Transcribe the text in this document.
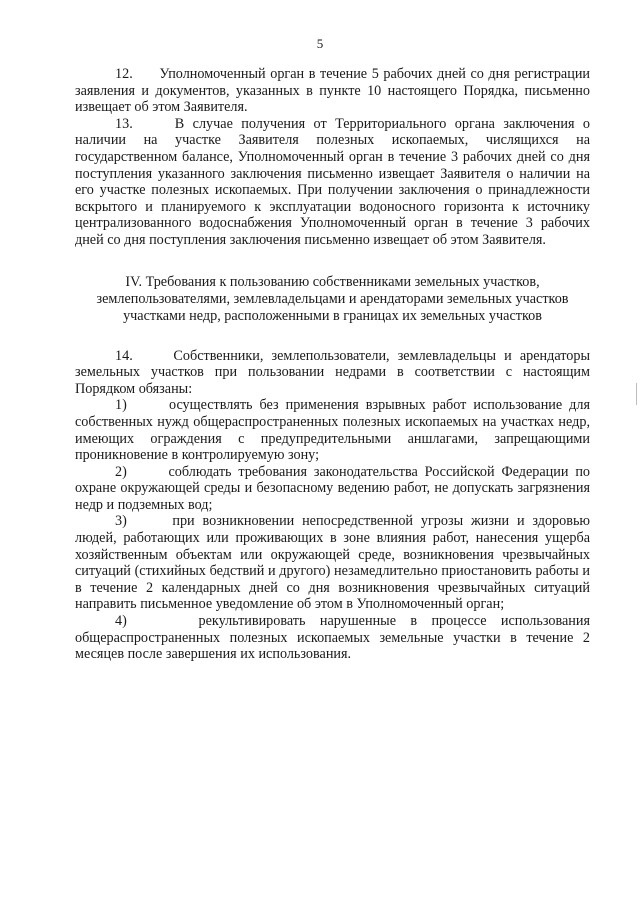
5

12. Уполномоченный орган в течение 5 рабочих дней со дня регистрации заявления и документов, указанных в пункте 10 настоящего Порядка, письменно извещает об этом Заявителя.

13.	В случае получения от Территориального органа заключения о наличии на участке Заявителя полезных ископаемых, числящихся на государственном балансе, Уполномоченный орган в течение 3 рабочих дней со дня поступления указанного заключения письменно извещает Заявителя о наличии на его участке полезных ископаемых. При получении заключения о принадлежности вскрытого и планируемого к эксплуатации водоносного горизонта к источнику централизованного водоснабжения Уполномоченный орган в течение 3 рабочих дней со дня поступления заключения письменно извещает об этом Заявителя.

IV. Требования к пользованию собственниками земельных участков,
землепользователями, землевладельцами и арендаторами земельных участков
участками недр, расположенными в границах их земельных участков

14.	Собственники, землепользователи, землевладельцы и арендаторы земельных участков при пользовании недрами в соответствии с настоящим Порядком обязаны:

1)	осуществлять без применения взрывных работ использование для собственных нужд общераспространенных полезных ископаемых на участках недр, имеющих ограждения с предупредительными аншлагами, запрещающими проникновение в контролируемую зону;

2)	соблюдать требования законодательства Российской Федерации по охране окружающей среды и безопасному ведению работ, не допускать загрязнения недр и подземных вод;

3)	при возникновении непосредственной угрозы жизни и здоровью людей, работающих или проживающих в зоне влияния работ, нанесения ущерба хозяйственным объектам или окружающей среде, возникновения чрезвычайных ситуаций (стихийных бедствий и другого) незамедлительно приостановить работы и в течение 2 календарных дней со дня возникновения чрезвычайных ситуаций направить письменное уведомление об этом в Уполномоченный орган;

4)	рекультивировать нарушенные в процессе использования общераспространенных полезных ископаемых земельные участки в течение 2 месяцев после завершения их использования.
